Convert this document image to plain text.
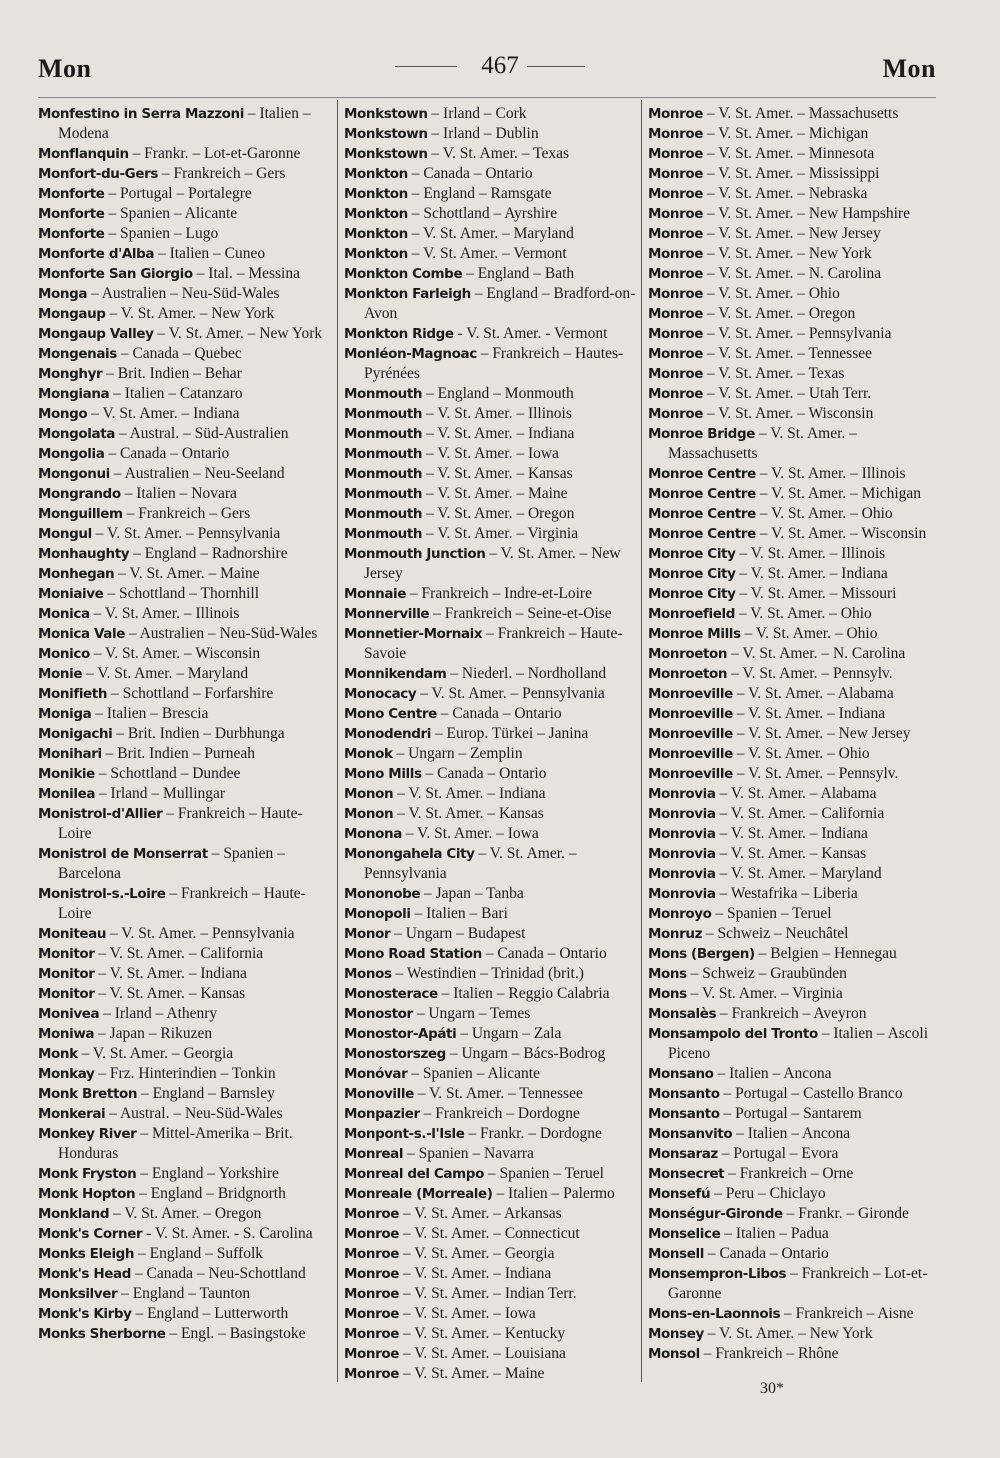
Mon	467	Mon

Monfestino in Serra Mazzoni – Italien – Modena

Monflanquin – Frankr. – Lot-et-Garonne

Monfort-du-Gers – Frankreich – Gers

Monforte – Portugal – Portalegre

Monforte – Spanien – Alicante

Monforte – Spanien – Lugo

Monforte d'Alba – Italien – Cuneo

Monforte San Giorgio – Ital. – Messina

Monga – Australien – Neu-Süd-Wales

Mongaup – V. St. Amer. – New York

Mongaup Valley – V. St. Amer. – New York

Mongenais – Canada – Quebec

Monghyr – Brit. Indien – Behar

Mongiana – Italien – Catanzaro

Mongo – V. St. Amer. – Indiana

Mongolata – Austral. – Süd-Australien

Mongolia – Canada – Ontario

Mongonui – Australien – Neu-Seeland

Mongrando – Italien – Novara

Monguillem – Frankreich – Gers

Mongul – V. St. Amer. – Pennsylvania

Monhaughty – England – Radnorshire

Monhegan – V. St. Amer. – Maine

Moniaive – Schottland – Thornhill

Monica – V. St. Amer. – Illinois

Monica Vale – Australien – Neu-Süd-Wales

Monico – V. St. Amer. – Wisconsin

Monie – V. St. Amer. – Maryland

Monifieth – Schottland – Forfarshire

Moniga – Italien – Brescia

Monigachi – Brit. Indien – Durbhunga

Monihari – Brit. Indien – Purneah

Monikie – Schottland – Dundee

Monilea – Irland – Mullingar

Monistrol-d'Allier – Frankreich – Haute-Loire

Monistrol de Monserrat – Spanien – Barcelona

Monistrol-s.-Loire – Frankreich – Haute-Loire

Moniteau – V. St. Amer. – Pennsylvania

Monitor – V. St. Amer. – California

Monitor – V. St. Amer. – Indiana

Monitor – V. St. Amer. – Kansas

Monivea – Irland – Athenry

Moniwa – Japan – Rikuzen

Monk – V. St. Amer. – Georgia

Monkay – Frz. Hinterindien – Tonkin

Monk Bretton – England – Barnsley

Monkerai – Austral. – Neu-Süd-Wales

Monkey River – Mittel-Amerika – Brit. Honduras

Monk Fryston – England – Yorkshire

Monk Hopton – England – Bridgnorth

Monkland – V. St. Amer. – Oregon

Monk's Corner - V. St. Amer. - S. Carolina

Monks Eleigh – England – Suffolk

Monk's Head – Canada – Neu-Schottland

Monksilver – England – Taunton

Monk's Kirby – England – Lutterworth

Monks Sherborne – Engl. – Basingstoke

Monkstown – Irland – Cork

Monkstown – Irland – Dublin

Monkstown – V. St. Amer. – Texas

Monkton – Canada – Ontario

Monkton – England – Ramsgate

Monkton – Schottland – Ayrshire

Monkton – V. St. Amer. – Maryland

Monkton – V. St. Amer. – Vermont

Monkton Combe – England – Bath

Monkton Farleigh – England – Bradford-on-Avon

Monkton Ridge - V. St. Amer. - Vermont

Monléon-Magnoac – Frankreich – Hautes-Pyrénées

Monmouth – England – Monmouth

Monmouth – V. St. Amer. – Illinois

Monmouth – V. St. Amer. – Indiana

Monmouth – V. St. Amer. – Iowa

Monmouth – V. St. Amer. – Kansas

Monmouth – V. St. Amer. – Maine

Monmouth – V. St. Amer. – Oregon

Monmouth – V. St. Amer. – Virginia

Monmouth Junction – V. St. Amer. – New Jersey

Monnaie – Frankreich – Indre-et-Loire

Monnerville – Frankreich – Seine-et-Oise

Monnetier-Mornaix – Frankreich – Haute-Savoie

Monnikendam – Niederl. – Nordholland

Monocacy – V. St. Amer. – Pennsylvania

Mono Centre – Canada – Ontario

Monodendri – Europ. Türkei – Janina

Monok – Ungarn – Zemplin

Mono Mills – Canada – Ontario

Monon – V. St. Amer. – Indiana

Monon – V. St. Amer. – Kansas

Monona – V. St. Amer. – Iowa

Monongahela City – V. St. Amer. – Pennsylvania

Mononobe – Japan – Tanba

Monopoli – Italien – Bari

Monor – Ungarn – Budapest

Mono Road Station – Canada – Ontario

Monos – Westindien – Trinidad (brit.)

Monosterace – Italien – Reggio Calabria

Monostor – Ungarn – Temes

Monostor-Apáti – Ungarn – Zala

Monostorszeg – Ungarn – Bács-Bodrog

Monóvar – Spanien – Alicante

Monoville – V. St. Amer. – Tennessee

Monpazier – Frankreich – Dordogne

Monpont-s.-l'Isle – Frankr. – Dordogne

Monreal – Spanien – Navarra

Monreal del Campo – Spanien – Teruel

Monreale (Morreale) – Italien – Palermo

Monroe – V. St. Amer. – Arkansas

Monroe – V. St. Amer. – Connecticut

Monroe – V. St. Amer. – Georgia

Monroe – V. St. Amer. – Indiana

Monroe – V. St. Amer. – Indian Terr.

Monroe – V. St. Amer. – Iowa

Monroe – V. St. Amer. – Kentucky

Monroe – V. St. Amer. – Louisiana

Monroe – V. St. Amer. – Maine

Monroe – V. St. Amer. – Massachusetts

Monroe – V. St. Amer. – Michigan

Monroe – V. St. Amer. – Minnesota

Monroe – V. St. Amer. – Mississippi

Monroe – V. St. Amer. – Nebraska

Monroe – V. St. Amer. – New Hampshire

Monroe – V. St. Amer. – New Jersey

Monroe – V. St. Amer. – New York

Monroe – V. St. Amer. – N. Carolina

Monroe – V. St. Amer. – Ohio

Monroe – V. St. Amer. – Oregon

Monroe – V. St. Amer. – Pennsylvania

Monroe – V. St. Amer. – Tennessee

Monroe – V. St. Amer. – Texas

Monroe – V. St. Amer. – Utah Terr.

Monroe – V. St. Amer. – Wisconsin

Monroe Bridge – V. St. Amer. – Massachusetts

Monroe Centre – V. St. Amer. – Illinois

Monroe Centre – V. St. Amer. – Michigan

Monroe Centre – V. St. Amer. – Ohio

Monroe Centre – V. St. Amer. – Wisconsin

Monroe City – V. St. Amer. – Illinois

Monroe City – V. St. Amer. – Indiana

Monroe City – V. St. Amer. – Missouri

Monroefield – V. St. Amer. – Ohio

Monroe Mills – V. St. Amer. – Ohio

Monroeton – V. St. Amer. – N. Carolina

Monroeton – V. St. Amer. – Pennsylv.

Monroeville – V. St. Amer. – Alabama

Monroeville – V. St. Amer. – Indiana

Monroeville – V. St. Amer. – New Jersey

Monroeville – V. St. Amer. – Ohio

Monroeville – V. St. Amer. – Pennsylv.

Monrovia – V. St. Amer. – Alabama

Monrovia – V. St. Amer. – California

Monrovia – V. St. Amer. – Indiana

Monrovia – V. St. Amer. – Kansas

Monrovia – V. St. Amer. – Maryland

Monrovia – Westafrika – Liberia

Monroyo – Spanien – Teruel

Monruz – Schweiz – Neuchâtel

Mons (Bergen) – Belgien – Hennegau

Mons – Schweiz – Graubünden

Mons – V. St. Amer. – Virginia

Monsalès – Frankreich – Aveyron

Monsampolo del Tronto – Italien – Ascoli Piceno

Monsano – Italien – Ancona

Monsanto – Portugal – Castello Branco

Monsanto – Portugal – Santarem

Monsanvito – Italien – Ancona

Monsaraz – Portugal – Evora

Monsecret – Frankreich – Orne

Monsefú – Peru – Chiclayo

Monségur-Gironde – Frankr. – Gironde

Monselice – Italien – Padua

Monsell – Canada – Ontario

Monsempron-Libos – Frankreich – Lot-et-Garonne

Mons-en-Laonnois – Frankreich – Aisne

Monsey – V. St. Amer. – New York

Monsol – Frankreich – Rhône

30*
